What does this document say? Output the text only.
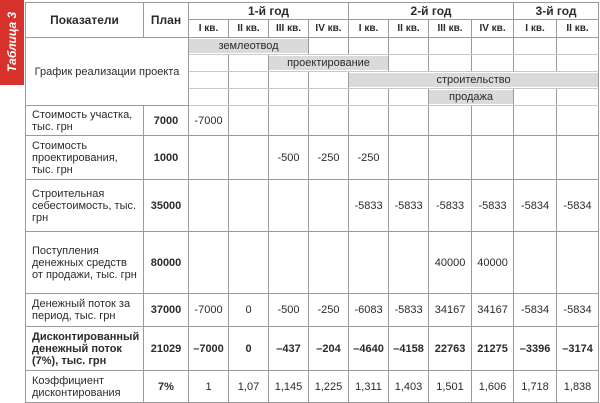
Таблица 3	Показатели	План	1-й год				2-й год				3-й год	
		I кв.	II кв.	III кв.	IV кв.	I кв.	II кв.	III кв.	IV кв.	I кв.	II кв.
График реализации проекта		землеотвод									

				проектирование							

						строительство					

								продажа			

Стоимость участка, тыс. грн	7000	-7000									
Стоимость проектирования, тыс. грн	1000			-500	-250	-250					
Строительная себестоимость, тыс. грн	35000					-5833	-5833	-5833	-5833	-5834	-5834
Поступления денежных средств от продажи, тыс. грн	80000							40000	40000		
Денежный поток за период, тыс. грн	37000	-7000	0	-500	-250	-6083	-5833	34167	34167	-5834	-5834
Дисконтированный денежный поток (7%), тыс. грн	21029	–7000	0	–437	–204	–4640	–4158	22763	21275	–3396	–3174
Коэффициент дисконтирования	7%	1	1,07	1,145	1,225	1,311	1,403	1,501	1,606	1,718	1,838
